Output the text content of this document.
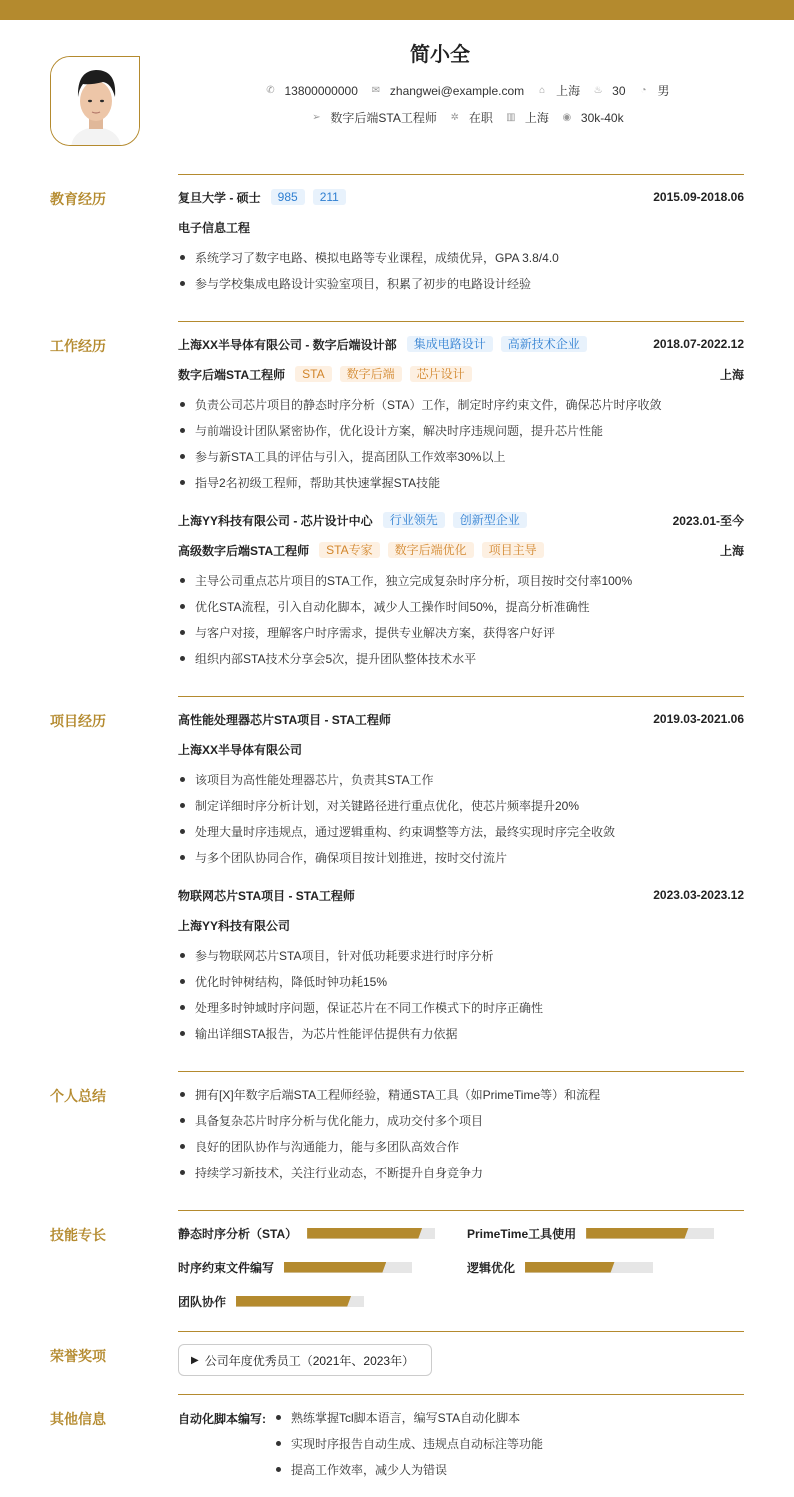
简小全
✆ 13800000000 ✉ zhangwei@example.com ⌂ 上海 ♨ 30 ◔ 男
➢ 数字后端STA工程师 ✲ 在职 ▥ 上海 ◉ 30k-40k
教育经历	复旦大学 - 硕士	985	211	2015.09-2018.06
电子信息工程
系统学习了数字电路、模拟电路等专业课程，成绩优异，GPA 3.8/4.0
参与学校集成电路设计实验室项目，积累了初步的电路设计经验
工作经历	上海XX半导体有限公司 - 数字后端设计部	集成电路设计	高新技术企业	2018.07-2022.12
数字后端STA工程师	STA	数字后端	芯片设计	上海
负责公司芯片项目的静态时序分析（STA）工作，制定时序约束文件，确保芯片时序收敛
与前端设计团队紧密协作，优化设计方案，解决时序违规问题，提升芯片性能
参与新STA工具的评估与引入，提高团队工作效率30%以上
指导2名初级工程师，帮助其快速掌握STA技能
上海YY科技有限公司 - 芯片设计中心	行业领先	创新型企业	2023.01-至今
高级数字后端STA工程师	STA专家	数字后端优化	项目主导	上海
主导公司重点芯片项目的STA工作，独立完成复杂时序分析，项目按时交付率100%
优化STA流程，引入自动化脚本，减少人工操作时间50%，提高分析准确性
与客户对接，理解客户时序需求，提供专业解决方案，获得客户好评
组织内部STA技术分享会5次，提升团队整体技术水平
项目经历	高性能处理器芯片STA项目 - STA工程师	2019.03-2021.06
上海XX半导体有限公司
该项目为高性能处理器芯片，负责其STA工作
制定详细时序分析计划，对关键路径进行重点优化，使芯片频率提升20%
处理大量时序违规点，通过逻辑重构、约束调整等方法，最终实现时序完全收敛
与多个团队协同合作，确保项目按计划推进，按时交付流片
物联网芯片STA项目 - STA工程师	2023.03-2023.12
上海YY科技有限公司
参与物联网芯片STA项目，针对低功耗要求进行时序分析
优化时钟树结构，降低时钟功耗15%
处理多时钟域时序问题，保证芯片在不同工作模式下的时序正确性
输出详细STA报告，为芯片性能评估提供有力依据
个人总结	拥有[X]年数字后端STA工程师经验，精通STA工具（如PrimeTime等）和流程
具备复杂芯片时序分析与优化能力，成功交付多个项目
良好的团队协作与沟通能力，能与多团队高效合作
持续学习新技术，关注行业动态，不断提升自身竞争力
技能专长	静态时序分析（STA）	PrimeTime工具使用
时序约束文件编写	逻辑优化
团队协作
荣誉奖项	▶ 公司年度优秀员工（2021年、2023年）
其他信息	自动化脚本编写:	熟练掌握Tcl脚本语言，编写STA自动化脚本
实现时序报告自动生成、违规点自动标注等功能
提高工作效率，减少人为错误
